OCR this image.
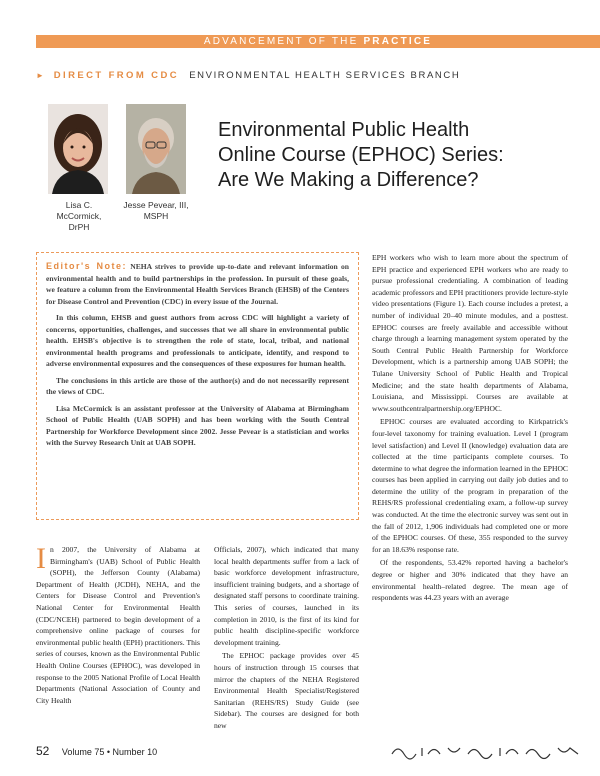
ADVANCEMENT OF THE PRACTICE
► DIRECT FROM CDC ENVIRONMENTAL HEALTH SERVICES BRANCH
Lisa C.
McCormick,
DrPH
Jesse Pevear, III,
MSPH
Environmental Public Health
Online Course (EPHOC) Series:
Are We Making a Difference?

Editor's Note: NEHA strives to provide up-to-date and relevant information on environmental health and to build partnerships in the profession. In pursuit of these goals, we feature a column from the Environmental Health Services Branch (EHSB) of the Centers for Disease Control and Prevention (CDC) in every issue of the Journal.

In this column, EHSB and guest authors from across CDC will highlight a variety of concerns, opportunities, challenges, and successes that we all share in environmental public health. EHSB's objective is to strengthen the role of state, local, tribal, and national environmental health programs and professionals to anticipate, identify, and respond to adverse environmental exposures and the consequences of these exposures for human health.

The conclusions in this article are those of the author(s) and do not necessarily represent the views of CDC.

Lisa McCormick is an assistant professor at the University of Alabama at Birmingham School of Public Health (UAB SOPH) and has been working with the South Central Partnership for Workforce Development since 2002. Jesse Pevear is a statistician and works with the Survey Research Unit at UAB SOPH.

In 2007, the University of Alabama at Birmingham's (UAB) School of Public Health (SOPH), the Jefferson County (Alabama) Department of Health (JCDH), NEHA, and the Centers for Disease Control and Prevention's National Center for Environmental Health (CDC/NCEH) partnered to begin development of a comprehensive online package of courses for environmental public health (EPH) practitioners. This series of courses, known as the Environmental Public Health Online Courses (EPHOC), was developed in response to the 2005 National Profile of Local Health Departments (National Association of County and City Health

Officials, 2007), which indicated that many local health departments suffer from a lack of basic workforce development infrastructure, insufficient training budgets, and a shortage of designated staff persons to coordinate training. This series of courses, launched in its completion in 2010, is the first of its kind for public health discipline-specific workforce development training.

The EPHOC package provides over 45 hours of instruction through 15 courses that mirror the chapters of the NEHA Registered Environmental Health Specialist/Registered Sanitarian (REHS/RS) Study Guide (see Sidebar). The courses are designed for both new

EPH workers who wish to learn more about the spectrum of EPH practice and experienced EPH workers who are ready to pursue professional credentialing. A combination of leading academic professors and EPH practitioners provide lecture-style video presentations (Figure 1). Each course includes a pretest, a number of individual 20–40 minute modules, and a posttest. EPHOC courses are freely available and accessible without charge through a learning management system operated by the South Central Public Health Partnership for Workforce Development, which is a partnership among UAB SOPH; the Tulane University School of Public Health and Tropical Medicine; and the state health departments of Alabama, Louisiana, and Mississippi. Courses are available at www.southcentralpartnership.org/EPHOC.

EPHOC courses are evaluated according to Kirkpatrick's four-level taxonomy for training evaluation. Level I (program level satisfaction) and Level II (knowledge) evaluation data are collected at the time participants complete courses. To determine to what degree the information learned in the EPHOC courses has been applied in carrying out daily job duties and to determine the utility of the program in preparation of the REHS/RS professional credentialing exam, a follow-up survey was conducted. At the time the electronic survey was sent out in the fall of 2012, 1,906 individuals had completed one or more of the EPHOC courses. Of these, 355 responded to the survey for an 18.63% response rate.

Of the respondents, 53.42% reported having a bachelor's degree or higher and 30% indicated that they have an environmental health–related degree. The mean age of respondents was 44.23 years with an average

52 Volume 75 • Number 10
